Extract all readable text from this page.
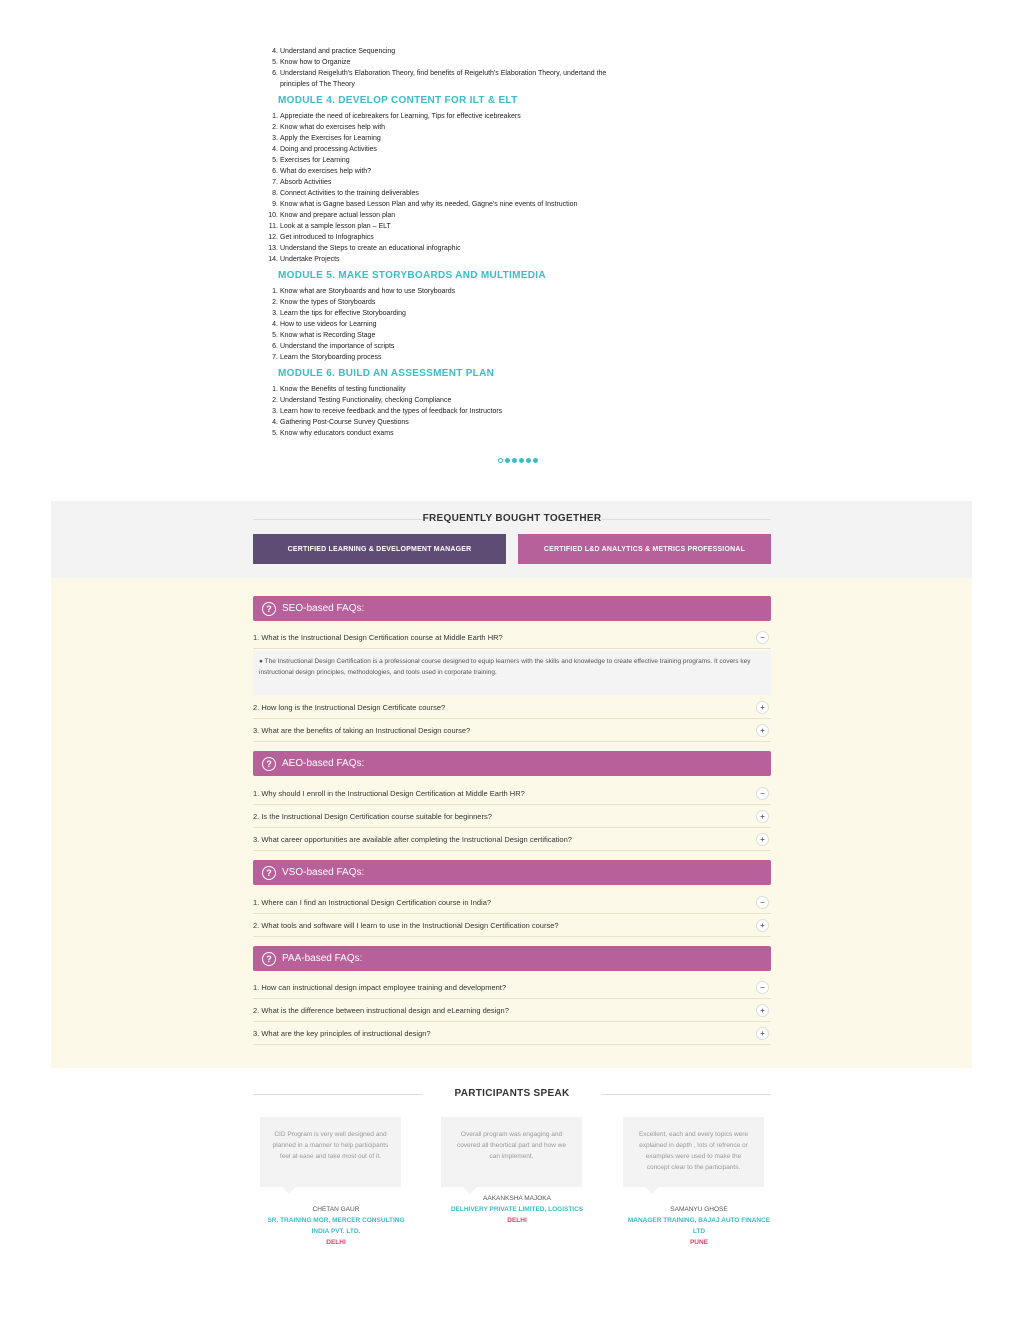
4. Understand and practice Sequencing
5. Know how to Organize
6. Understand Reigeluth's Elaboration Theory, find benefits of Reigeluth's Elaboration Theory, undertand the principles of The Theory
MODULE 4. DEVELOP CONTENT FOR ILT & ELT
1. Appreciate the need of icebreakers for Learning, Tips for effective icebreakers
2. Know what do exercises help with
3. Apply the Exercises for Learning
4. Doing and processing Activities
5. Exercises for Learning
6. What do exercises help with?
7. Absorb Activities
8. Connect Activities to the training deliverables
9. Know what is Gagne based Lesson Plan and why its needed, Gagne's nine events of Instruction
10. Know and prepare actual lesson plan
11. Look at a sample lesson plan – ELT
12. Get introduced to Infographics
13. Understand the Steps to create an educational infographic
14. Undertake Projects
MODULE 5. MAKE STORYBOARDS AND MULTIMEDIA
1. Know what are Storyboards and how to use Storyboards
2. Know the types of Storyboards
3. Learn the tips for effective Storyboarding
4. How to use videos for Learning
5. Know what is Recording Stage
6. Understand the importance of scripts
7. Learn the Storyboarding process
MODULE 6. BUILD AN ASSESSMENT PLAN
1. Know the Benefits of testing functionality
2. Understand Testing Functionality, checking Compliance
3. Learn how to receive feedback and the types of feedback for Instructors
4. Gathering Post-Course Survey Questions
5. Know why educators conduct exams
FREQUENTLY BOUGHT TOGETHER
CERTIFIED LEARNING & DEVELOPMENT MANAGER	CERTIFIED L&D ANALYTICS & METRICS PROFESSIONAL
?	SEO-based FAQs:
1. What is the Instructional Design Certification course at Middle Earth HR?	−
● The Instructional Design Certification is a professional course designed to equip learners with the skills and knowledge to create effective training programs. It covers key instructional design principles, methodologies, and tools used in corporate training.
2. How long is the Instructional Design Certificate course?	+
3. What are the benefits of taking an Instructional Design course?	+
?	AEO-based FAQs:
1. Why should I enroll in the Instructional Design Certification at Middle Earth HR?	−
2. Is the Instructional Design Certification course suitable for beginners?	+
3. What career opportunities are available after completing the Instructional Design certification?	+
?	VSO-based FAQs:
1. Where can I find an Instructional Design Certification course in India?	−
2. What tools and software will I learn to use in the Instructional Design Certification course?	+
?	PAA-based FAQs:
1. How can instructional design impact employee training and development?	−
2. What is the difference between instructional design and eLearning design?	+
3. What are the key principles of instructional design?	+
PARTICIPANTS SPEAK
CID Program is very well designed and planned in a manner to help participants feel at ease and take most out of it.
Overall program was engaging and covered all theortical part and how we can implement.
Excellent, each and every topics were explained in depth , lots of refrence or examples were used to make the concept clear to the participants.
CHETAN GAUR
SR. TRAINING MGR, MERCER CONSULTING INDIA PVT. LTD.
DELHI
AAKANKSHA MAJOKA
DELHIVERY PRIVATE LIMITED, LOGISTICS
DELHI
SAMANYU GHOSE
MANAGER TRAINING, BAJAJ AUTO FINANCE LTD
PUNE
